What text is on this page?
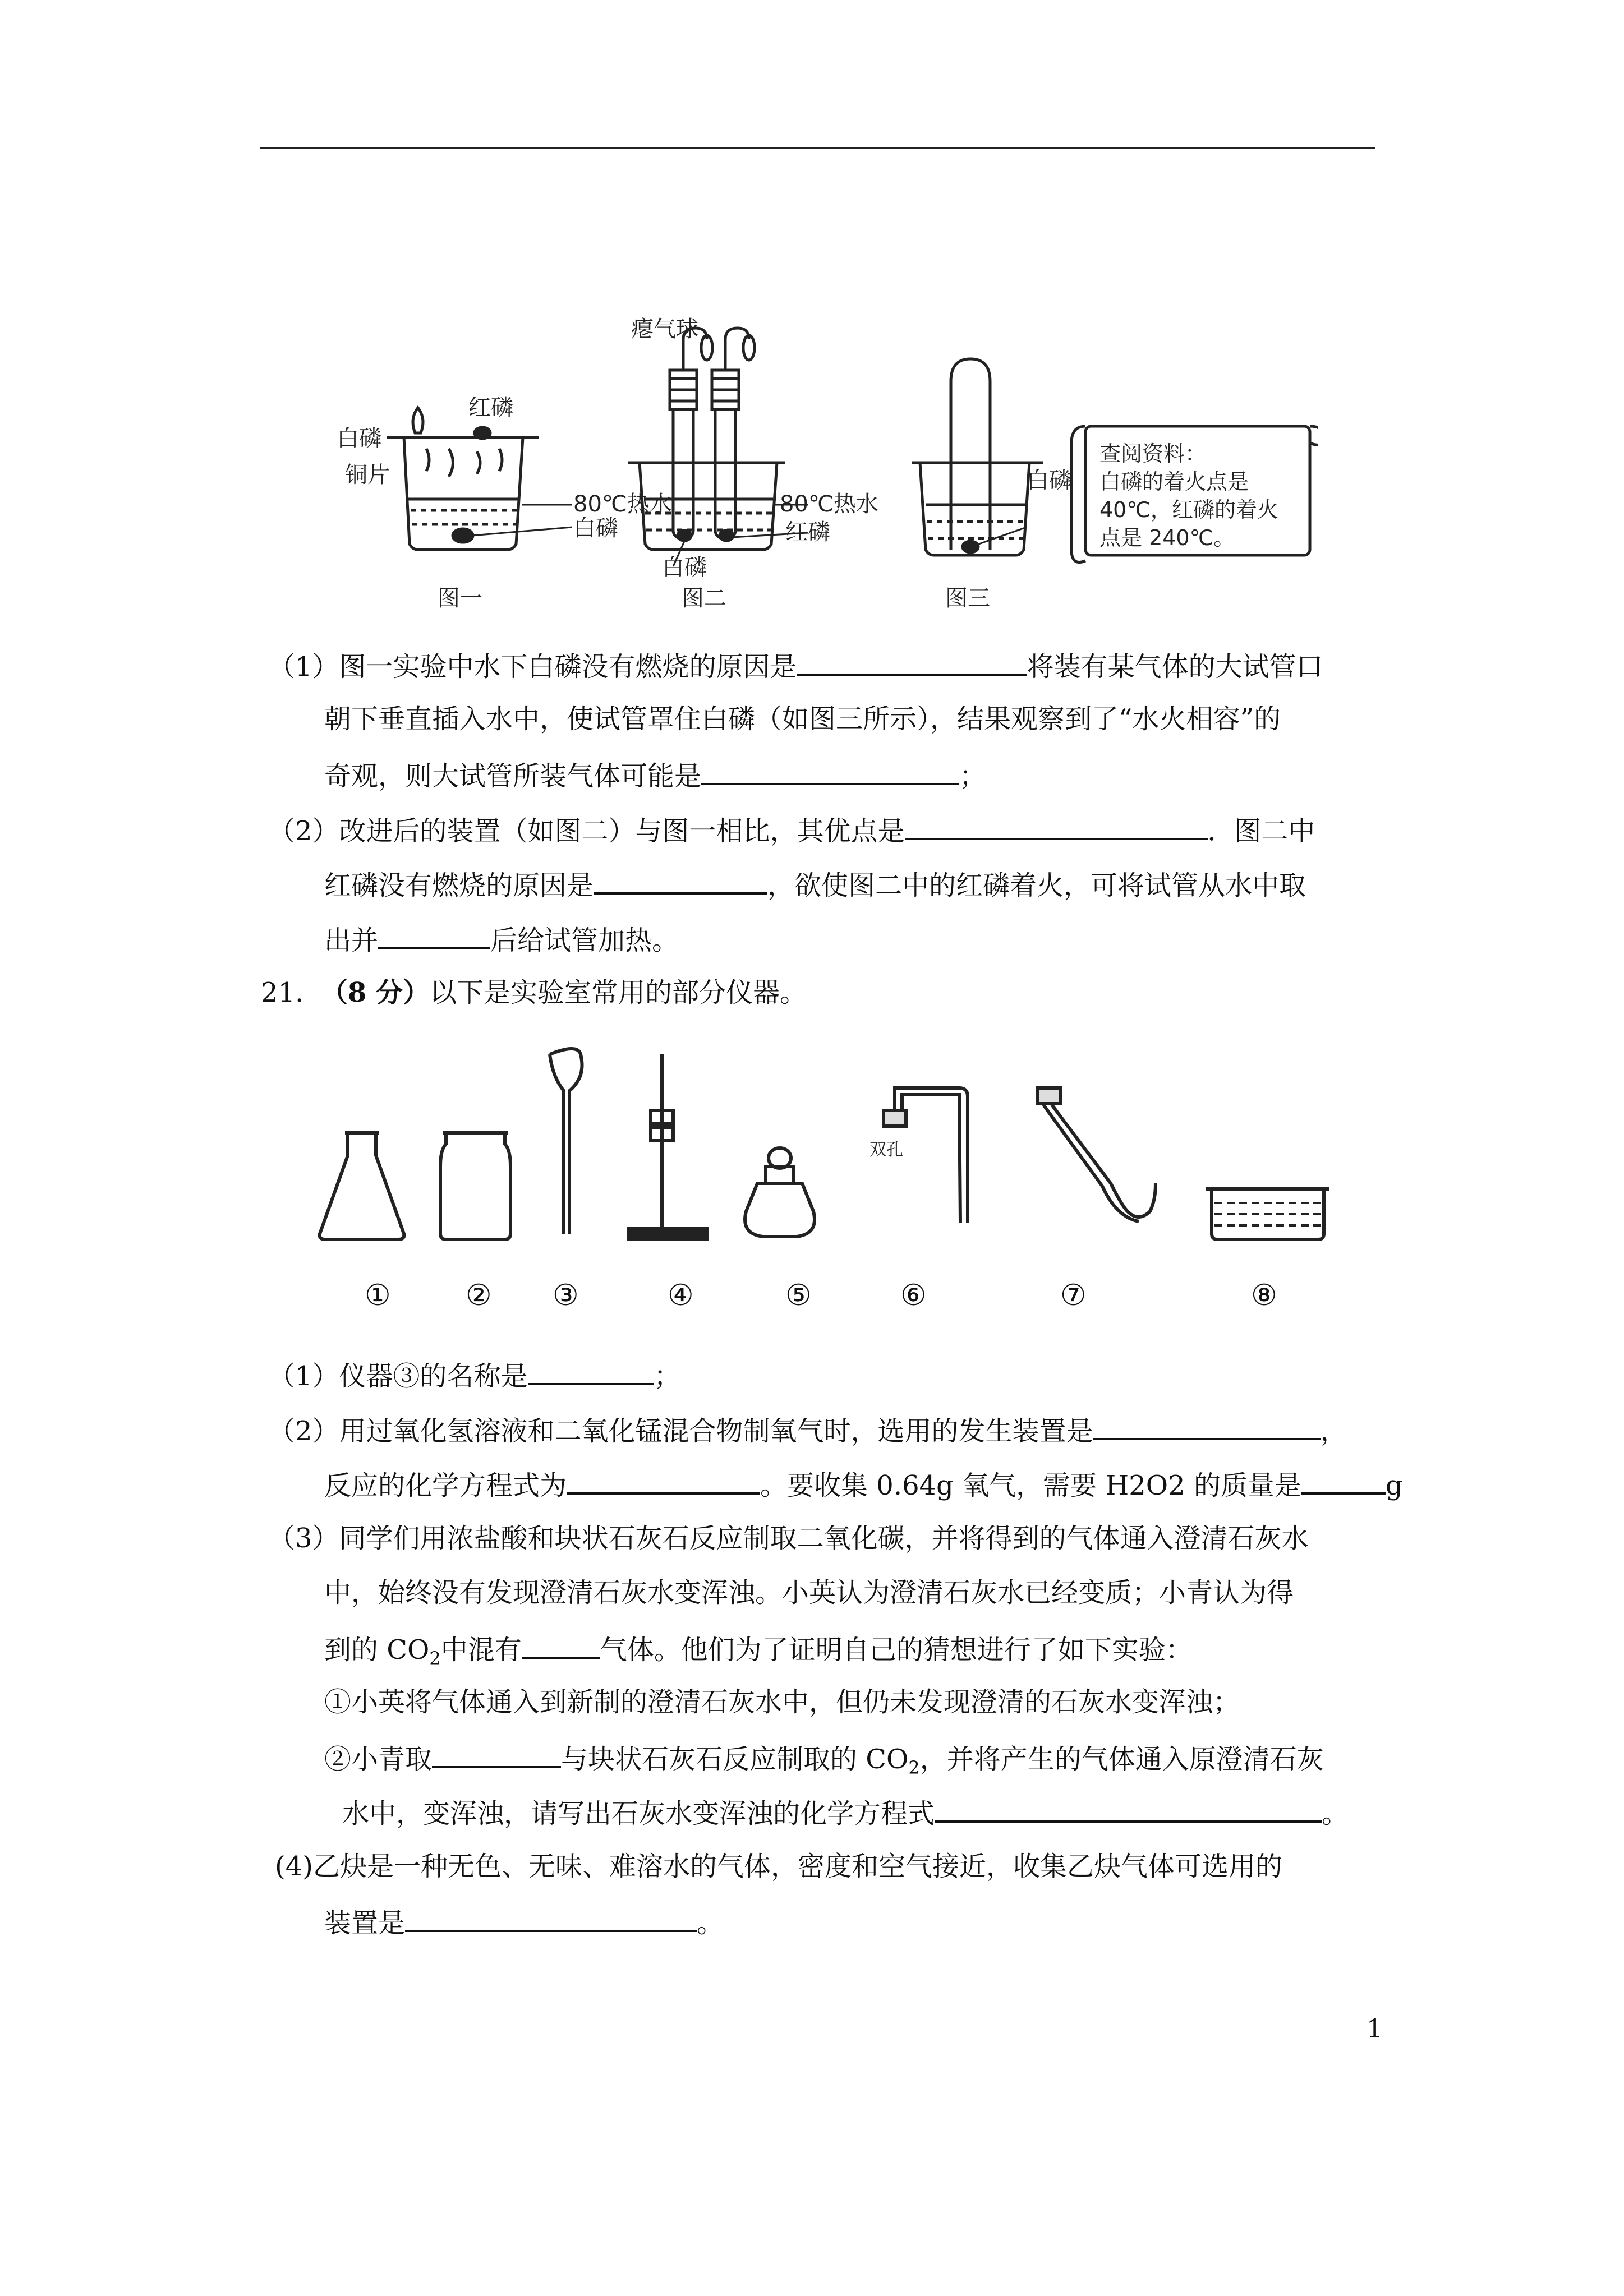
红磷
白磷
铜片
80℃热水
白磷
图一
瘪气球
80℃热水
红磷
白磷
图二
白磷
图三
查阅资料：
白磷的着火点是
40℃，红磷的着火
点是 240℃。
（1）图一实验中水下白磷没有燃烧的原因是	将装有某气体的大试管口
朝下垂直插入水中，使试管罩住白磷（如图三所示），结果观察到了“水火相容”的
奇观，则大试管所装气体可能是	；
（2）改进后的装置（如图二）与图一相比，其优点是	．图二中
红磷没有燃烧的原因是	，欲使图二中的红磷着火，可将试管从水中取
出并	后给试管加热。
21. （8 分）以下是实验室常用的部分仪器。
双孔
①	② ③	④	⑤	⑥	⑦	⑧
（1）仪器③的名称是	；
（2）用过氧化氢溶液和二氧化锰混合物制氧气时，选用的发生装置是	，
反应的化学方程式为	。要收集 0.64g 氧气，需要 H2O2 的质量是	g
（3）同学们用浓盐酸和块状石灰石反应制取二氧化碳，并将得到的气体通入澄清石灰水
中，始终没有发现澄清石灰水变浑浊。小英认为澄清石灰水已经变质；小青认为得
到的 $CO_2$中混有	气体。他们为了证明自己的猜想进行了如下实验：
①小英将气体通入到新制的澄清石灰水中，但仍未发现澄清的石灰水变浑浊；
②小青取	与块状石灰石反应制取的 $CO_2$，并将产生的气体通入原澄清石灰
水中，变浑浊，请写出石灰水变浑浊的化学方程式	。
(4)乙炔是一种无色、无味、难溶水的气体，密度和空气接近，收集乙炔气体可选用的
装置是	。
1
